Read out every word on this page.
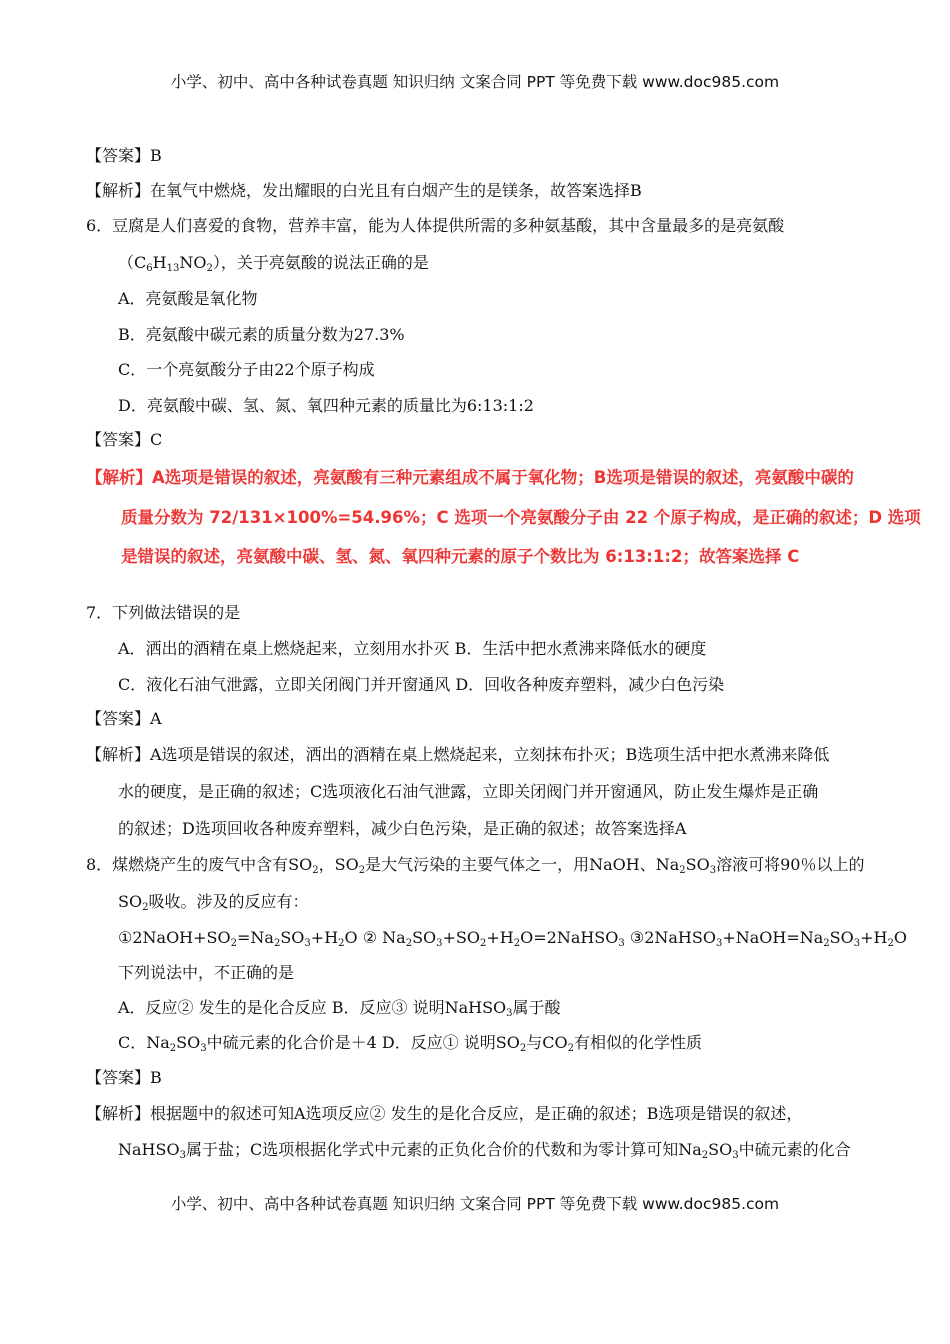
小学、初中、高中各种试卷真题 知识归纳 文案合同 PPT 等免费下载 www.doc985.com
【答案】B
【解析】在氧气中燃烧，发出耀眼的白光且有白烟产生的是镁条，故答案选择B
6．豆腐是人们喜爱的食物，营养丰富，能为人体提供所需的多种氨基酸，其中含量最多的是亮氨酸
$(C_6H_{13}NO_2)$，关于亮氨酸的说法正确的是
A．亮氨酸是氧化物
B．亮氨酸中碳元素的质量分数为27.3%
C．一个亮氨酸分子由22个原子构成
D．亮氨酸中碳、氢、氮、氧四种元素的质量比为6:13:1:2
【答案】C
【解析】A选项是错误的叙述，亮氨酸有三种元素组成不属于氧化物；B选项是错误的叙述，亮氨酸中碳的
质量分数为 72/131×100%=54.96%；C 选项一个亮氨酸分子由 22 个原子构成，是正确的叙述；D 选项
是错误的叙述，亮氨酸中碳、氢、氮、氧四种元素的原子个数比为 6:13:1:2；故答案选择 C
7．下列做法错误的是
A．洒出的酒精在桌上燃烧起来，立刻用水扑灭 B．生活中把水煮沸来降低水的硬度
C．液化石油气泄露，立即关闭阀门并开窗通风 D．回收各种废弃塑料，减少白色污染
【答案】A
【解析】A选项是错误的叙述，洒出的酒精在桌上燃烧起来，立刻抹布扑灭；B选项生活中把水煮沸来降低
水的硬度，是正确的叙述；C选项液化石油气泄露，立即关闭阀门并开窗通风，防止发生爆炸是正确
的叙述；D选项回收各种废弃塑料，减少白色污染，是正确的叙述；故答案选择A
8．煤燃烧产生的废气中含有$SO_2$，$SO_2$是大气污染的主要气体之一，用NaOH、$Na_2SO_3$溶液可将90％以上的
$SO_2$吸收。涉及的反应有：
$①2NaOH+SO_2=Na_2SO_3+H_2O$ ② $Na_2SO_3+SO_2+H_2O=2NaHSO_3$ $③2NaHSO_3+NaOH=Na_2SO_3+H_2O$
下列说法中，不正确的是
A．反应② 发生的是化合反应 B．反应③ 说明NaHSO$_3$属于酸
C．$Na_2SO_3$中硫元素的化合价是＋4 D．反应① 说明$SO_2$与$CO_2$有相似的化学性质
【答案】B
【解析】根据题中的叙述可知A选项反应② 发生的是化合反应，是正确的叙述；B选项是错误的叙述，
NaHSO$_3$属于盐；C选项根据化学式中元素的正负化合价的代数和为零计算可知$Na_2SO_3$中硫元素的化合
小学、初中、高中各种试卷真题 知识归纳 文案合同 PPT 等免费下载 www.doc985.com
